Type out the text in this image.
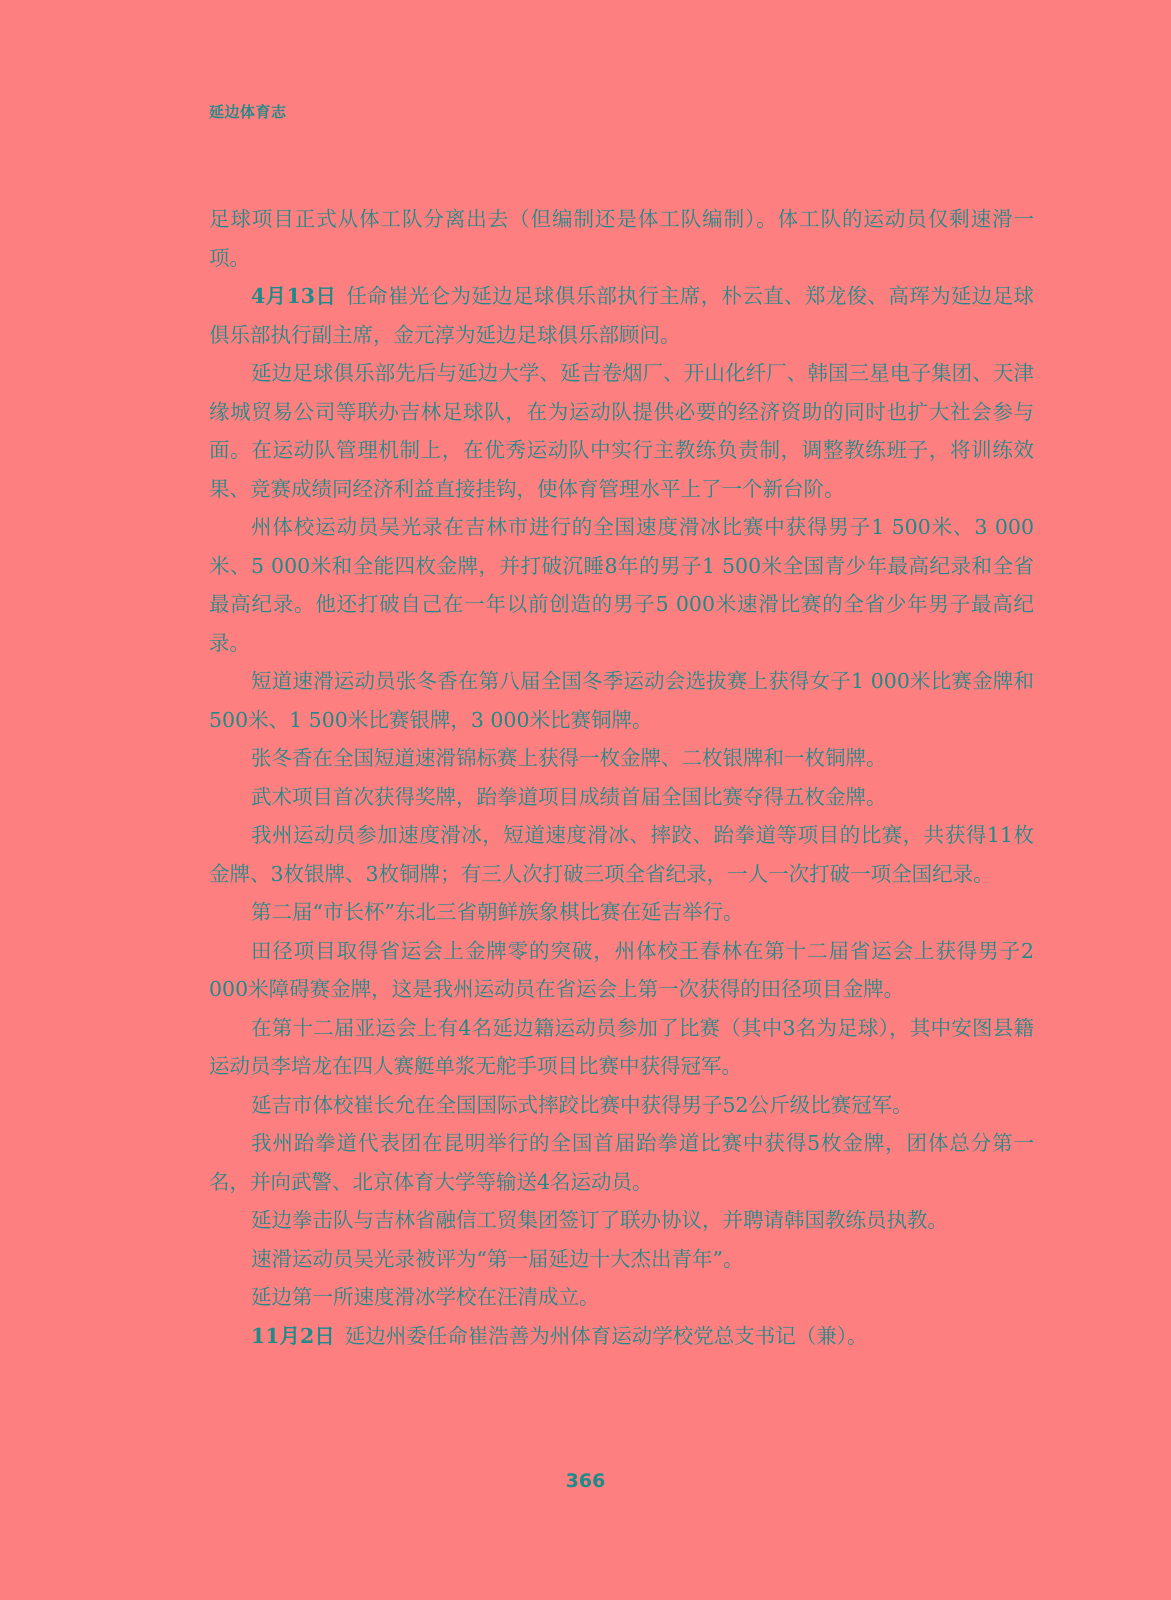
延边体育志

足球项目正式从体工队分离出去（但编制还是体工队编制）。体工队的运动员仅剩速滑一项。

4月13日 任命崔光仑为延边足球俱乐部执行主席，朴云直、郑龙俊、高珲为延边足球俱乐部执行副主席，金元淳为延边足球俱乐部顾问。

延边足球俱乐部先后与延边大学、延吉卷烟厂、开山化纤厂、韩国三星电子集团、天津缘城贸易公司等联办吉林足球队，在为运动队提供必要的经济资助的同时也扩大社会参与面。在运动队管理机制上，在优秀运动队中实行主教练负责制，调整教练班子，将训练效果、竞赛成绩同经济利益直接挂钩，使体育管理水平上了一个新台阶。

州体校运动员吴光录在吉林市进行的全国速度滑冰比赛中获得男子1 500米、3 000米、5 000米和全能四枚金牌，并打破沉睡8年的男子1 500米全国青少年最高纪录和全省最高纪录。他还打破自己在一年以前创造的男子5 000米速滑比赛的全省少年男子最高纪录。

短道速滑运动员张冬香在第八届全国冬季运动会选拔赛上获得女子1 000米比赛金牌和500米、1 500米比赛银牌，3 000米比赛铜牌。

张冬香在全国短道速滑锦标赛上获得一枚金牌、二枚银牌和一枚铜牌。

武术项目首次获得奖牌，跆拳道项目成绩首届全国比赛夺得五枚金牌。

我州运动员参加速度滑冰，短道速度滑冰、摔跤、跆拳道等项目的比赛，共获得11枚金牌、3枚银牌、3枚铜牌；有三人次打破三项全省纪录，一人一次打破一项全国纪录。

第二届“市长杯”东北三省朝鲜族象棋比赛在延吉举行。

田径项目取得省运会上金牌零的突破，州体校王春林在第十二届省运会上获得男子2 000米障碍赛金牌，这是我州运动员在省运会上第一次获得的田径项目金牌。

在第十二届亚运会上有4名延边籍运动员参加了比赛（其中3名为足球），其中安图县籍运动员李培龙在四人赛艇单浆无舵手项目比赛中获得冠军。

延吉市体校崔长允在全国国际式摔跤比赛中获得男子52公斤级比赛冠军。

我州跆拳道代表团在昆明举行的全国首届跆拳道比赛中获得5枚金牌，团体总分第一名，并向武警、北京体育大学等输送4名运动员。

延边拳击队与吉林省融信工贸集团签订了联办协议，并聘请韩国教练员执教。

速滑运动员吴光录被评为“第一届延边十大杰出青年”。

延边第一所速度滑冰学校在汪清成立。

11月2日 延边州委任命崔浩善为州体育运动学校党总支书记（兼）。

366
